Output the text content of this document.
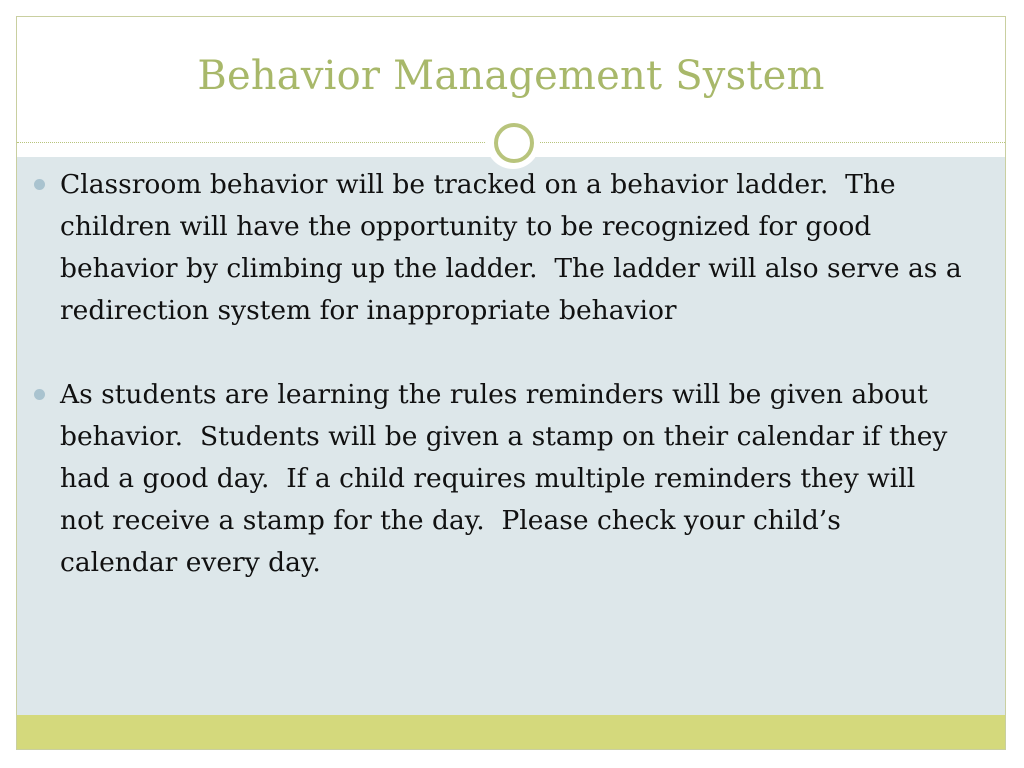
Behavior Management System
Classroom behavior will be tracked on a behavior ladder.  The children will have the opportunity to be recognized for good behavior by climbing up the ladder.  The ladder will also serve as a redirection system for inappropriate behavior
As students are learning the rules reminders will be given about behavior.  Students will be given a stamp on their calendar if they had a good day.  If a child requires multiple reminders they will not receive a stamp for the day.  Please check your child’s calendar every day.
